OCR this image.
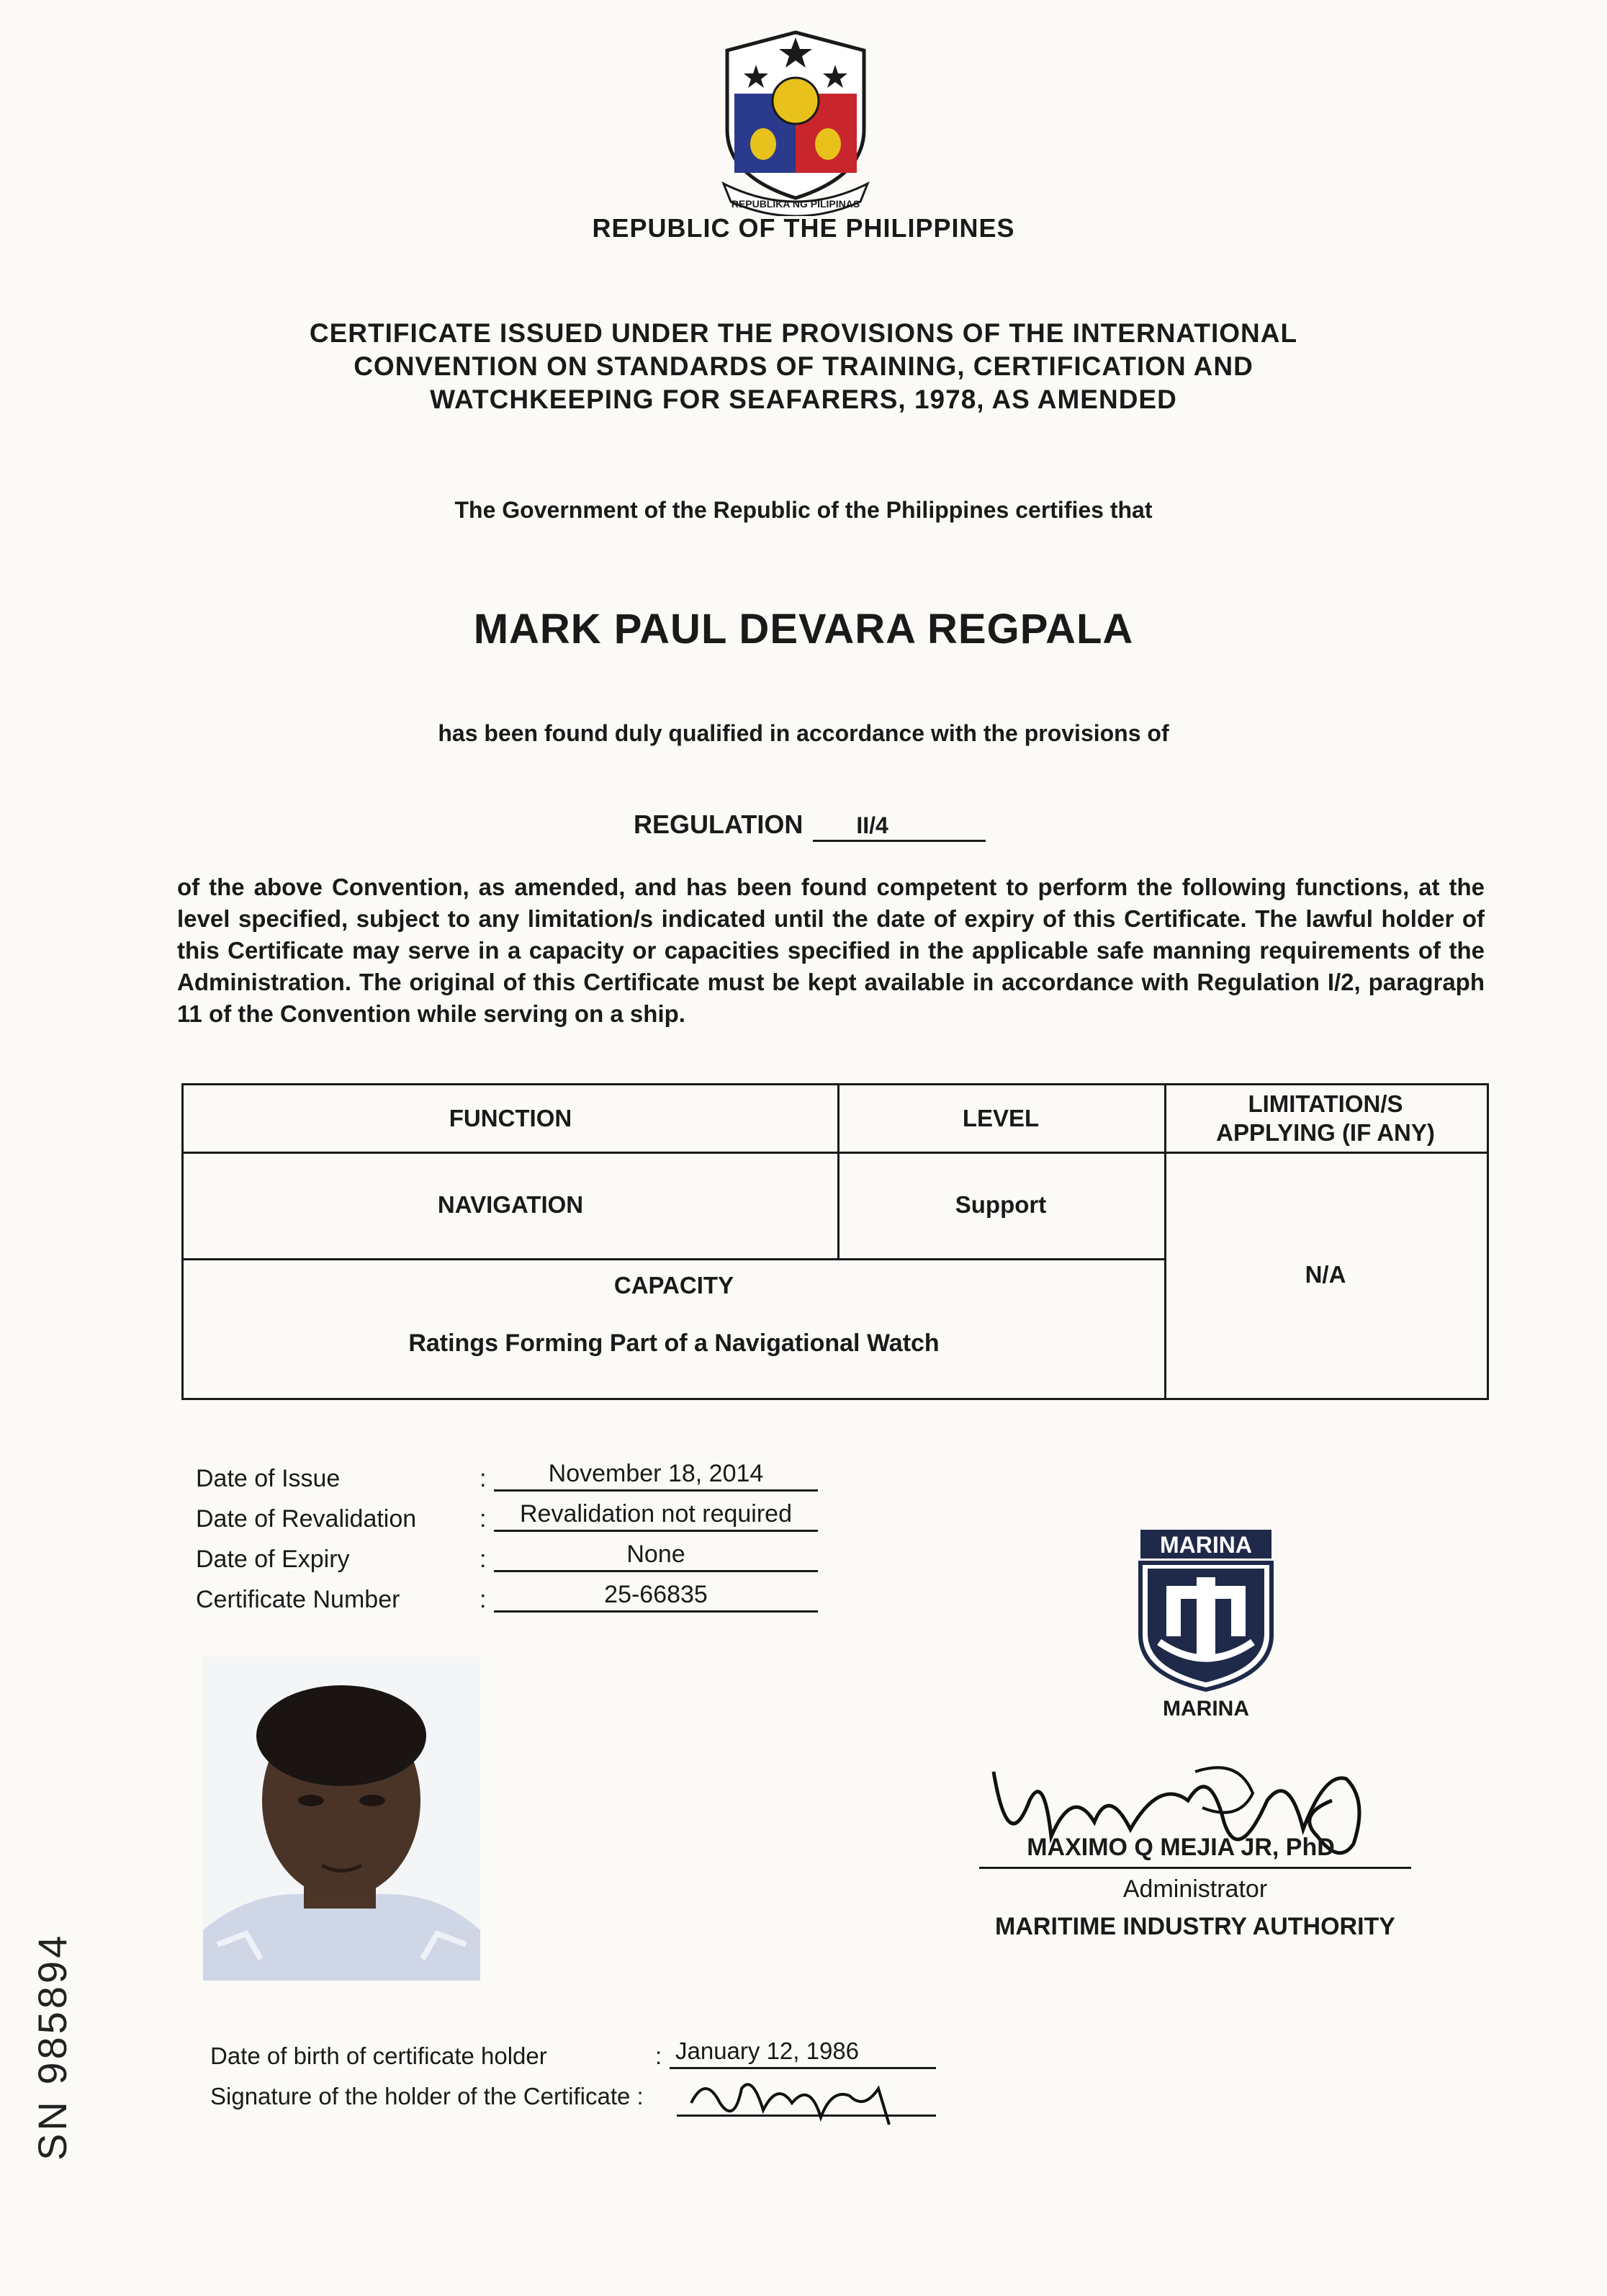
REPUBLIKA NG PILIPINAS
REPUBLIC OF THE PHILIPPINES
CERTIFICATE ISSUED UNDER THE PROVISIONS OF THE INTERNATIONAL
CONVENTION ON STANDARDS OF TRAINING, CERTIFICATION AND
WATCHKEEPING FOR SEAFARERS, 1978, AS AMENDED
The Government of the Republic of the Philippines certifies that
MARK PAUL DEVARA REGPALA
has been found duly qualified in accordance with the provisions of
REGULATION II/4
of the above Convention, as amended, and has been found competent to perform the following functions, at the level specified, subject to any limitation/s indicated until the date of expiry of this Certificate. The lawful holder of this Certificate may serve in a capacity or capacities specified in the applicable safe manning requirements of the Administration. The original of this Certificate must be kept available in accordance with Regulation I/2, paragraph 11 of the Convention while serving on a ship.
FUNCTION	LEVEL
LIMITATION/S
APPLYING (IF ANY)
NAVIGATION	Support
N/A
CAPACITY
Ratings Forming Part of a Navigational Watch
Date of Issue	:	November 18, 2014
Date of Revalidation	:	Revalidation not required
Date of Expiry	:	None
Certificate Number	:	25-66835
MARINA
MARINA
MAXIMO Q MEJIA JR, PhD
Administrator
MARITIME INDUSTRY AUTHORITY
Date of birth of certificate holder	: January 12, 1986
Signature of the holder of the Certificate :
SN 985894
